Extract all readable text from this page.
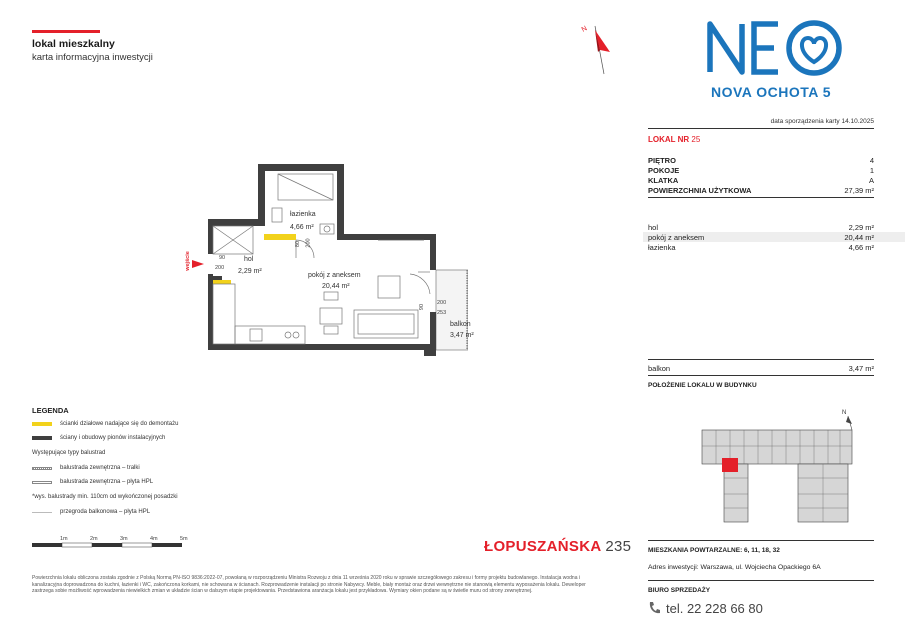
lokal mieszkalny
karta informacyjna inwestycji
N
NOVA OCHOTA 5
data sporządzenia karty 14.10.2025
LOKAL NR 25
PIĘTRO	4
POKOJE	1
KLATKA	A
POWIERZCHNIA UŻYTKOWA	27,39 m²
hol	2,29 m²
pokój z aneksem	20,44 m²
łazienka	4,66 m²
balkon	3,47 m²
POŁOŻENIE LOKALU W BUDYNKU
N
MIESZKANIA POWTARZALNE: 6, 11, 18, 32
Adres inwestycji: Warszawa, ul. Wojciecha Opackiego 6A
BIURO SPRZEDAŻY
tel. 22 228 66 80
łazienka
4,66 m²
hol
2,29 m²
pokój z aneksem
20,44 m²
balkon
3,47 m²
90
200
80 200
90
200
253
wejście
LEGENDA
ścianki działowe nadające się do demontażu
ściany i obudowy pionów instalacyjnych
Występujące typy balustrad
balustrada zewnętrzna – tralki
balustrada zewnętrzna – płyta HPL
*wys. balustrady min. 110cm od wykończonej posadzki
przegroda balkonowa – płyta HPL
0	1m	2m	3m	4m	5m	ŁOPUSZAŃSKA 235
Powierzchnia lokalu obliczona została zgodnie z Polską Normą PN-ISO 9836:2022-07, powołaną w rozporządzeniu Ministra Rozwoju z dnia 11 września 2020 roku w sprawie szczegółowego zakresu i formy projektu budowlanego. Instalacja wodna i kanalizacyjna doprowadzona do kuchni, łazienki i WC, zakończona korkami, nie schowana w ścianach. Rozprowadzenie instalacji po stronie Nabywcy. Meble, biały montaż oraz drzwi wewnętrzne nie stanowią elementu wyposażenia lokalu. Deweloper zastrzega sobie możliwość wprowadzenia niewielkich zmian w układzie ścian w dalszym etapie projektowania. Przedstawiona aranżacja lokalu jest przykładowa. Wymiary okien podane są w świetle muru od strony zewnętrznej.
